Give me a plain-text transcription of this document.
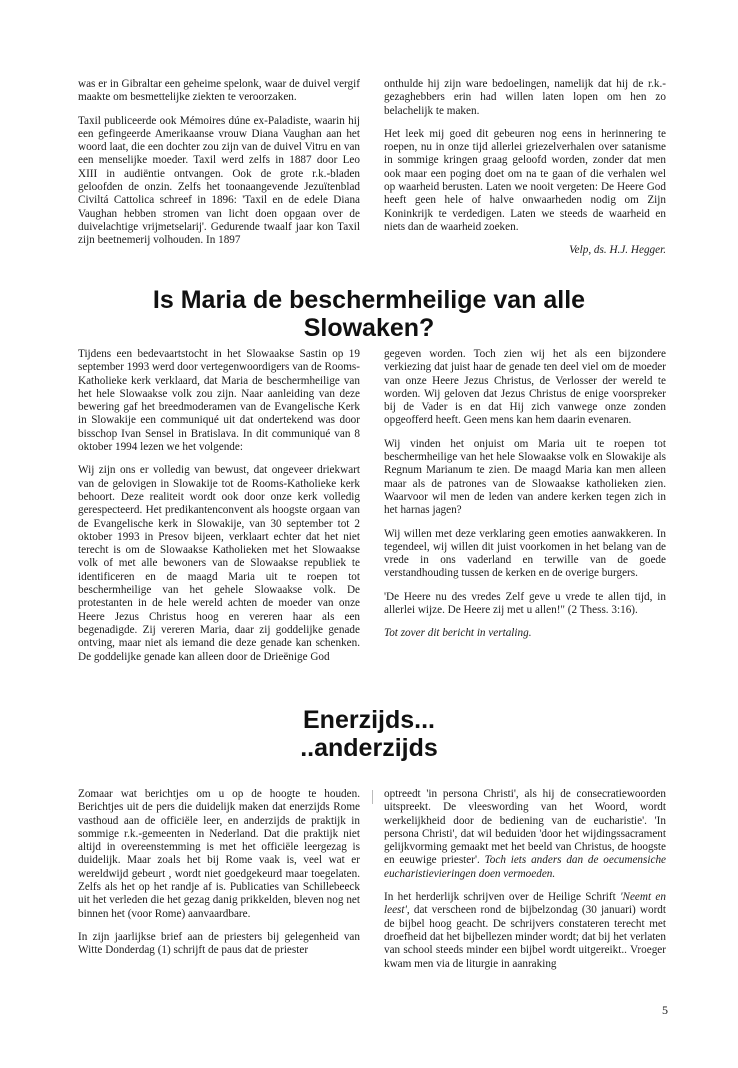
was er in Gibraltar een geheime spelonk, waar de duivel vergif maakte om besmettelijke ziekten te veroorzaken.

Taxil publiceerde ook Mémoires dúne ex-Paladiste, waarin hij een gefingeerde Amerikaanse vrouw Diana Vaughan aan het woord laat, die een dochter zou zijn van de duivel Vitru en van een menselijke moeder. Taxil werd zelfs in 1887 door Leo XIII in audiëntie ontvangen. Ook de grote r.k.-bladen geloofden de onzin. Zelfs het toonaangevende Jezuïtenblad Civiltá Cattolica schreef in 1896: 'Taxil en de edele Diana Vaughan hebben stromen van licht doen opgaan over de duivelachtige vrijmetselarij'. Gedurende twaalf jaar kon Taxil zijn beetnemerij volhouden. In 1897

onthulde hij zijn ware bedoelingen, namelijk dat hij de r.k.-gezaghebbers erin had willen laten lopen om hen zo belachelijk te maken.

Het leek mij goed dit gebeuren nog eens in herinnering te roepen, nu in onze tijd allerlei griezelverhalen over satanisme in sommige kringen graag geloofd worden, zonder dat men ook maar een poging doet om na te gaan of die verhalen wel op waarheid berusten. Laten we nooit vergeten: De Heere God heeft geen hele of halve onwaarheden nodig om Zijn Koninkrijk te verdedigen. Laten we steeds de waarheid en niets dan de waarheid zoeken.

Velp, ds. H.J. Hegger.
Is Maria de beschermheilige van alle
Slowaken?

Tijdens een bedevaartstocht in het Slowaakse Sastin op 19 september 1993 werd door vertegenwoordigers van de Rooms-Katholieke kerk verklaard, dat Maria de beschermheilige van het hele Slowaakse volk zou zijn. Naar aanleiding van deze bewering gaf het breedmoderamen van de Evangelische Kerk in Slowakije een communiqué uit dat ondertekend was door bisschop Ivan Sensel in Bratislava. In dit communiqué van 8 oktober 1994 lezen we het volgende:

Wij zijn ons er volledig van bewust, dat ongeveer driekwart van de gelovigen in Slowakije tot de Rooms-Katholieke kerk behoort. Deze realiteit wordt ook door onze kerk volledig gerespecteerd. Het predikantenconvent als hoogste orgaan van de Evangelische kerk in Slowakije, van 30 september tot 2 oktober 1993 in Presov bijeen, verklaart echter dat het niet terecht is om de Slowaakse Katholieken met het Slowaakse volk of met alle bewoners van de Slowaakse republiek te identificeren en de maagd Maria uit te roepen tot beschermheilige van het gehele Slowaakse volk. De protestanten in de hele wereld achten de moeder van onze Heere Jezus Christus hoog en vereren haar als een begenadigde. Zij vereren Maria, daar zij goddelijke genade ontving, maar niet als iemand die deze genade kan schenken. De goddelijke genade kan alleen door de Drieënige God

gegeven worden. Toch zien wij het als een bijzondere verkiezing dat juist haar de genade ten deel viel om de moeder van onze Heere Jezus Christus, de Verlosser der wereld te worden. Wij geloven dat Jezus Christus de enige voorspreker bij de Vader is en dat Hij zich vanwege onze zonden opgeofferd heeft. Geen mens kan hem daarin evenaren.

Wij vinden het onjuist om Maria uit te roepen tot beschermheilige van het hele Slowaakse volk en Slowakije als Regnum Marianum te zien. De maagd Maria kan men alleen maar als de patrones van de Slowaakse katholieken zien. Waarvoor wil men de leden van andere kerken tegen zich in het harnas jagen?

Wij willen met deze verklaring geen emoties aanwakkeren. In tegendeel, wij willen dit juist voorkomen in het belang van de vrede in ons vaderland en terwille van de goede verstandhouding tussen de kerken en de overige burgers.

'De Heere nu des vredes Zelf geve u vrede te allen tijd, in allerlei wijze. De Heere zij met u allen!" (2 Thess. 3:16).

Tot zover dit bericht in vertaling.

Enerzijds...
..anderzijds

Zomaar wat berichtjes om u op de hoogte te houden. Berichtjes uit de pers die duidelijk maken dat enerzijds Rome vasthoud aan de officiële leer, en anderzijds de praktijk in sommige r.k.-gemeenten in Nederland. Dat die praktijk niet altijd in overeenstemming is met het officiële leergezag is duidelijk. Maar zoals het bij Rome vaak is, veel wat er wereldwijd gebeurt , wordt niet goedgekeurd maar toegelaten. Zelfs als het op het randje af is. Publicaties van Schillebeeck uit het verleden die het gezag danig prikkelden, bleven nog net binnen het (voor Rome) aanvaardbare.

In zijn jaarlijkse brief aan de priesters bij gelegenheid van Witte Donderdag (1) schrijft de paus dat de priester

optreedt 'in persona Christi', als hij de consecratiewoorden uitspreekt. De vleeswording van het Woord, wordt werkelijkheid door de bediening van de eucharistie'. 'In persona Christi', dat wil beduiden 'door het wijdingssacrament gelijkvorming gemaakt met het beeld van Christus, de hoogste en eeuwige priester'. Toch iets anders dan de oecumensiche eucharistievieringen doen vermoeden.

In het herderlijk schrijven over de Heilige Schrift 'Neemt en leest', dat verscheen rond de bijbelzondag (30 januari) wordt de bijbel hoog geacht. De schrijvers constateren terecht met droefheid dat het bijbellezen minder wordt; dat bij het verlaten van school steeds minder een bijbel wordt uitgereikt.. Vroeger kwam men via de liturgie in aanraking

5
